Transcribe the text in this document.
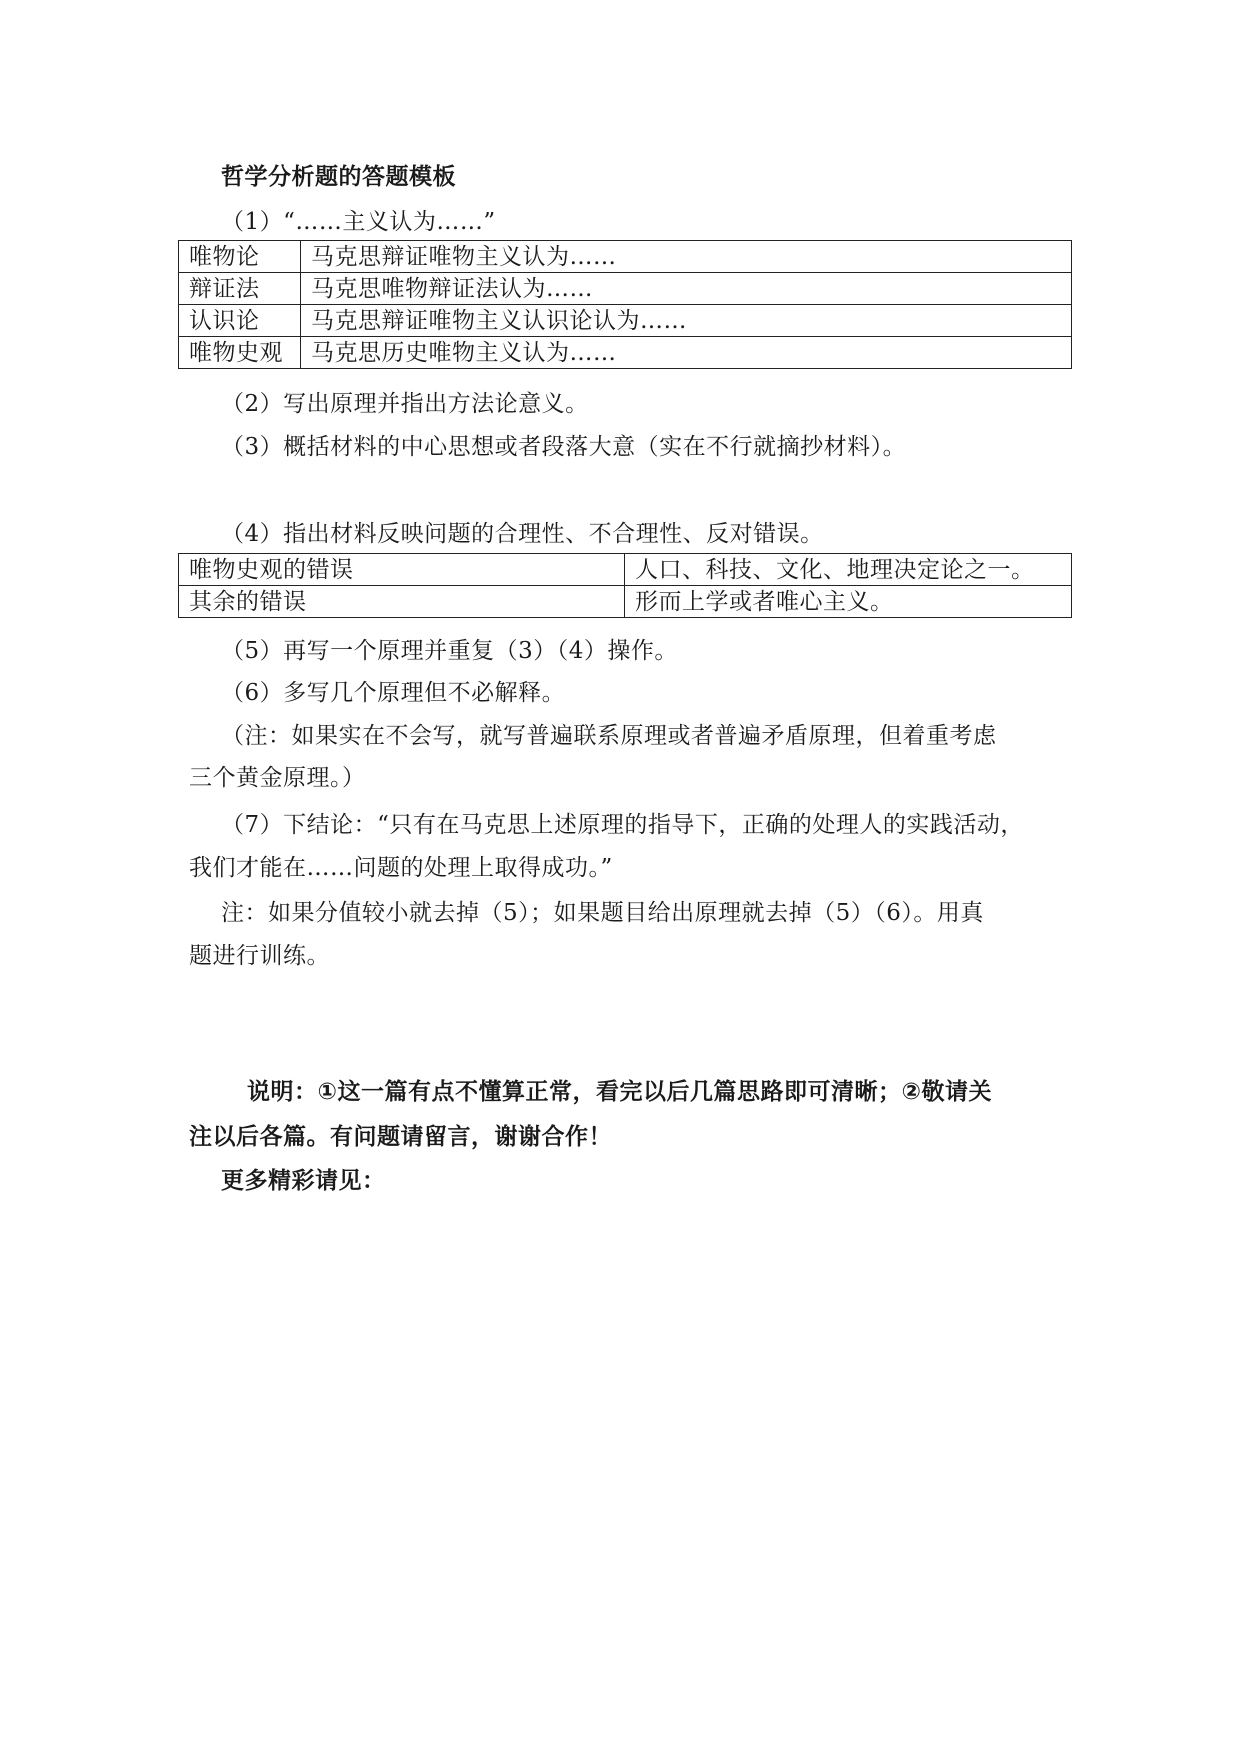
哲学分析题的答题模板
（1）“……主义认为……”
唯物论	马克思辩证唯物主义认为……
辩证法	马克思唯物辩证法认为……
认识论	马克思辩证唯物主义认识论认为……
唯物史观	马克思历史唯物主义认为……
（2）写出原理并指出方法论意义。
（3）概括材料的中心思想或者段落大意（实在不行就摘抄材料）。
（4）指出材料反映问题的合理性、不合理性、反对错误。
唯物史观的错误	人口、科技、文化、地理决定论之一。
其余的错误	形而上学或者唯心主义。
（5）再写一个原理并重复（3）（4）操作。
（6）多写几个原理但不必解释。
（注：如果实在不会写，就写普遍联系原理或者普遍矛盾原理，但着重考虑
三个黄金原理。）
（7）下结论：“只有在马克思上述原理的指导下，正确的处理人的实践活动，
我们才能在……问题的处理上取得成功。”
注：如果分值较小就去掉（5）；如果题目给出原理就去掉（5）（6）。用真
题进行训练。
说明：①这一篇有点不懂算正常，看完以后几篇思路即可清晰；②敬请关
注以后各篇。有问题请留言，谢谢合作！
更多精彩请见：
